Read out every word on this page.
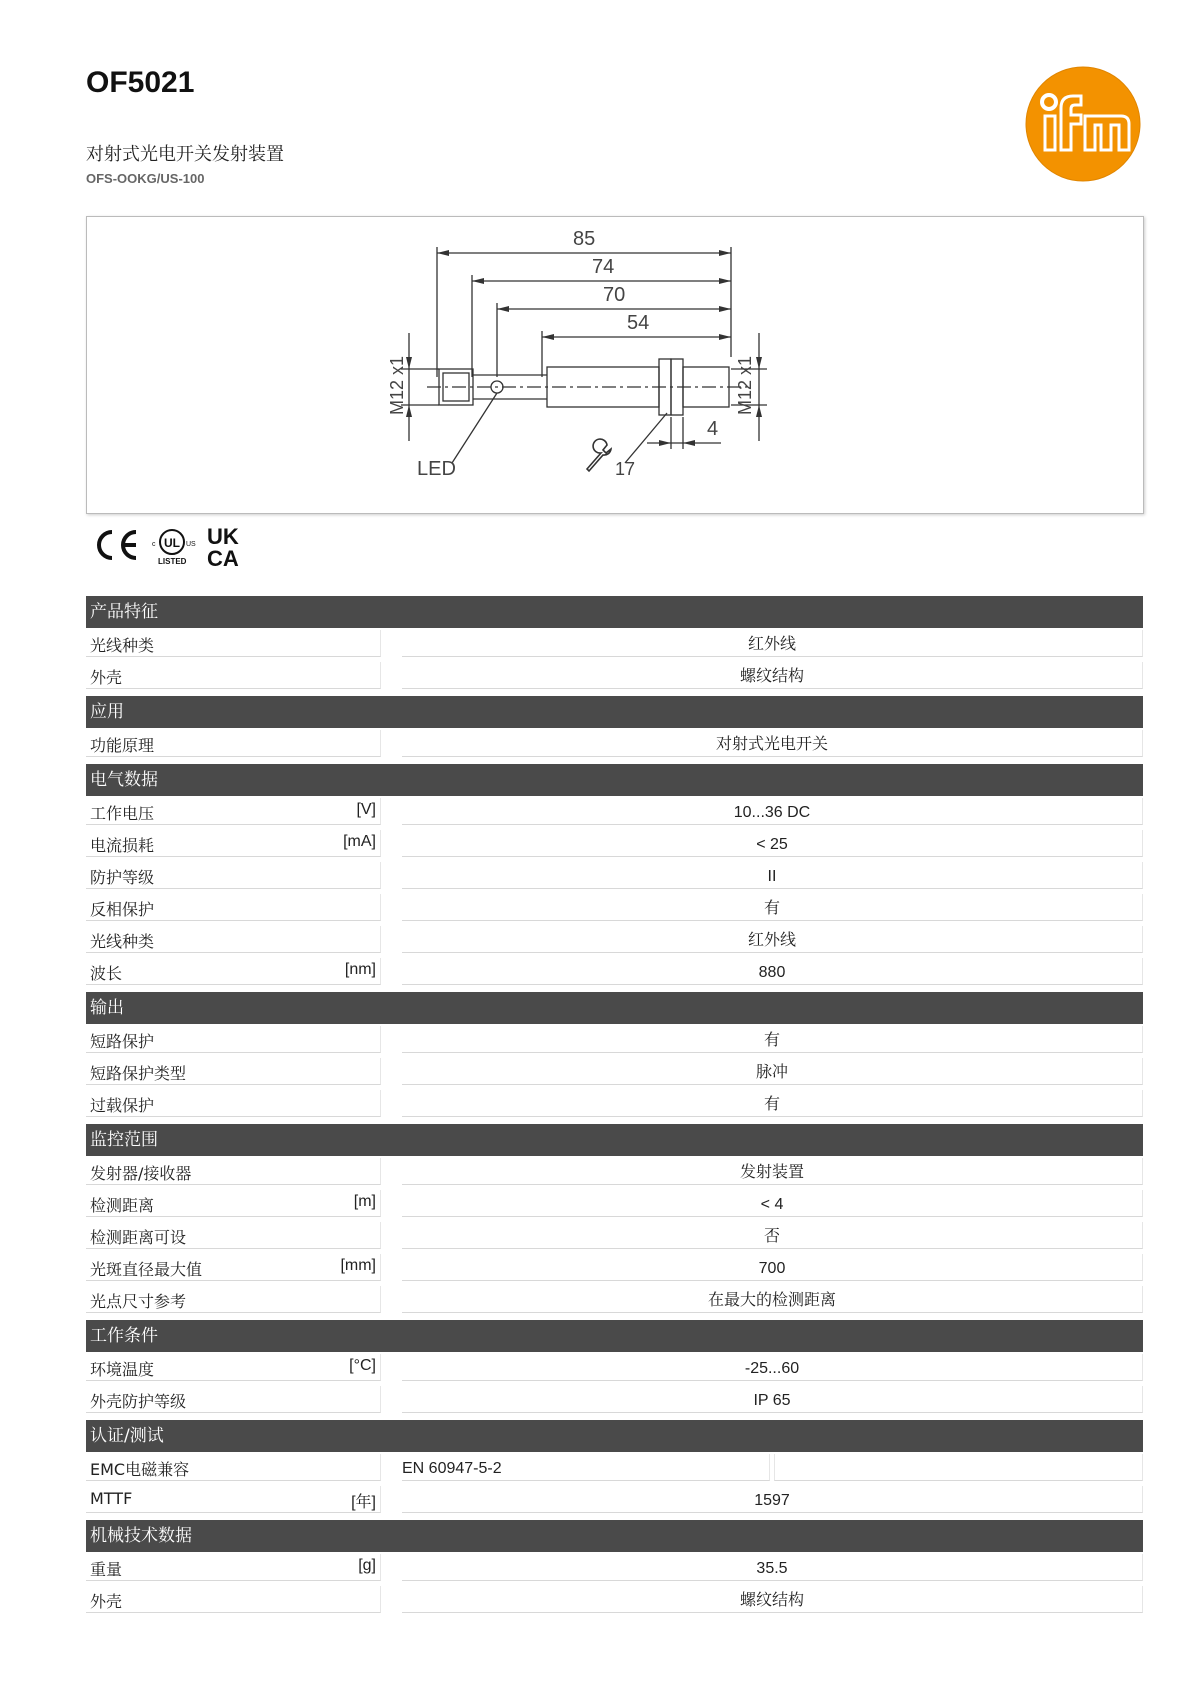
OF5021
对射式光电开关发射装置
OFS-OOKG/US-100
85
74
70
54
4
17
LED
M12 x1	M12 x1
UL
c	US
LISTED
UK
CA
产品特征
光线种类	红外线
外壳	螺纹结构
应用
功能原理	对射式光电开关
电气数据
工作电压	[V]	10...36 DC
电流损耗	[mA]	< 25
防护等级	II
反相保护	有
光线种类	红外线
波长	[nm]	880
输出
短路保护	有
短路保护类型	脉冲
过载保护	有
监控范围
发射器/接收器	发射装置
检测距离	[m]	< 4
检测距离可设	否
光斑直径最大值	[mm]	700
光点尺寸参考	在最大的检测距离
工作条件
环境温度	[°C]	-25...60
外壳防护等级	IP 65
认证/测试
EMC电磁兼容	EN 60947-5-2
MTTF	[年]	1597
机械技术数据
重量	[g]	35.5
外壳	螺纹结构
